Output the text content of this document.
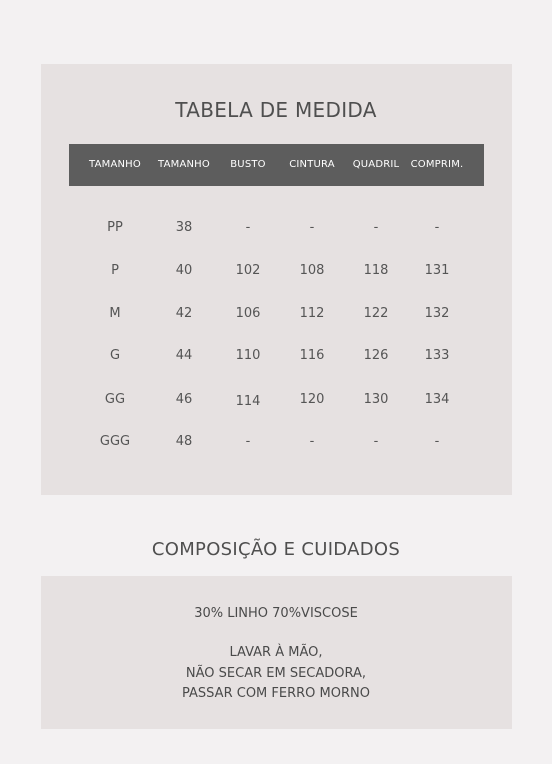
TABELA DE MEDIDA
TAMANHO TAMANHO BUSTO CINTURA QUADRIL COMPRIM.
PP	38	-	-	-	-
P	40	102	108	118	131
M	42	106	112	122	132
G	44	110	116	126	133
GG	46	114	120	130	134
GGG	48	-	-	-	-
COMPOSIÇÃO E CUIDADOS
30% LINHO 70%VISCOSE
LAVAR À MÃO,
NÃO SECAR EM SECADORA,
PASSAR COM FERRO MORNO
